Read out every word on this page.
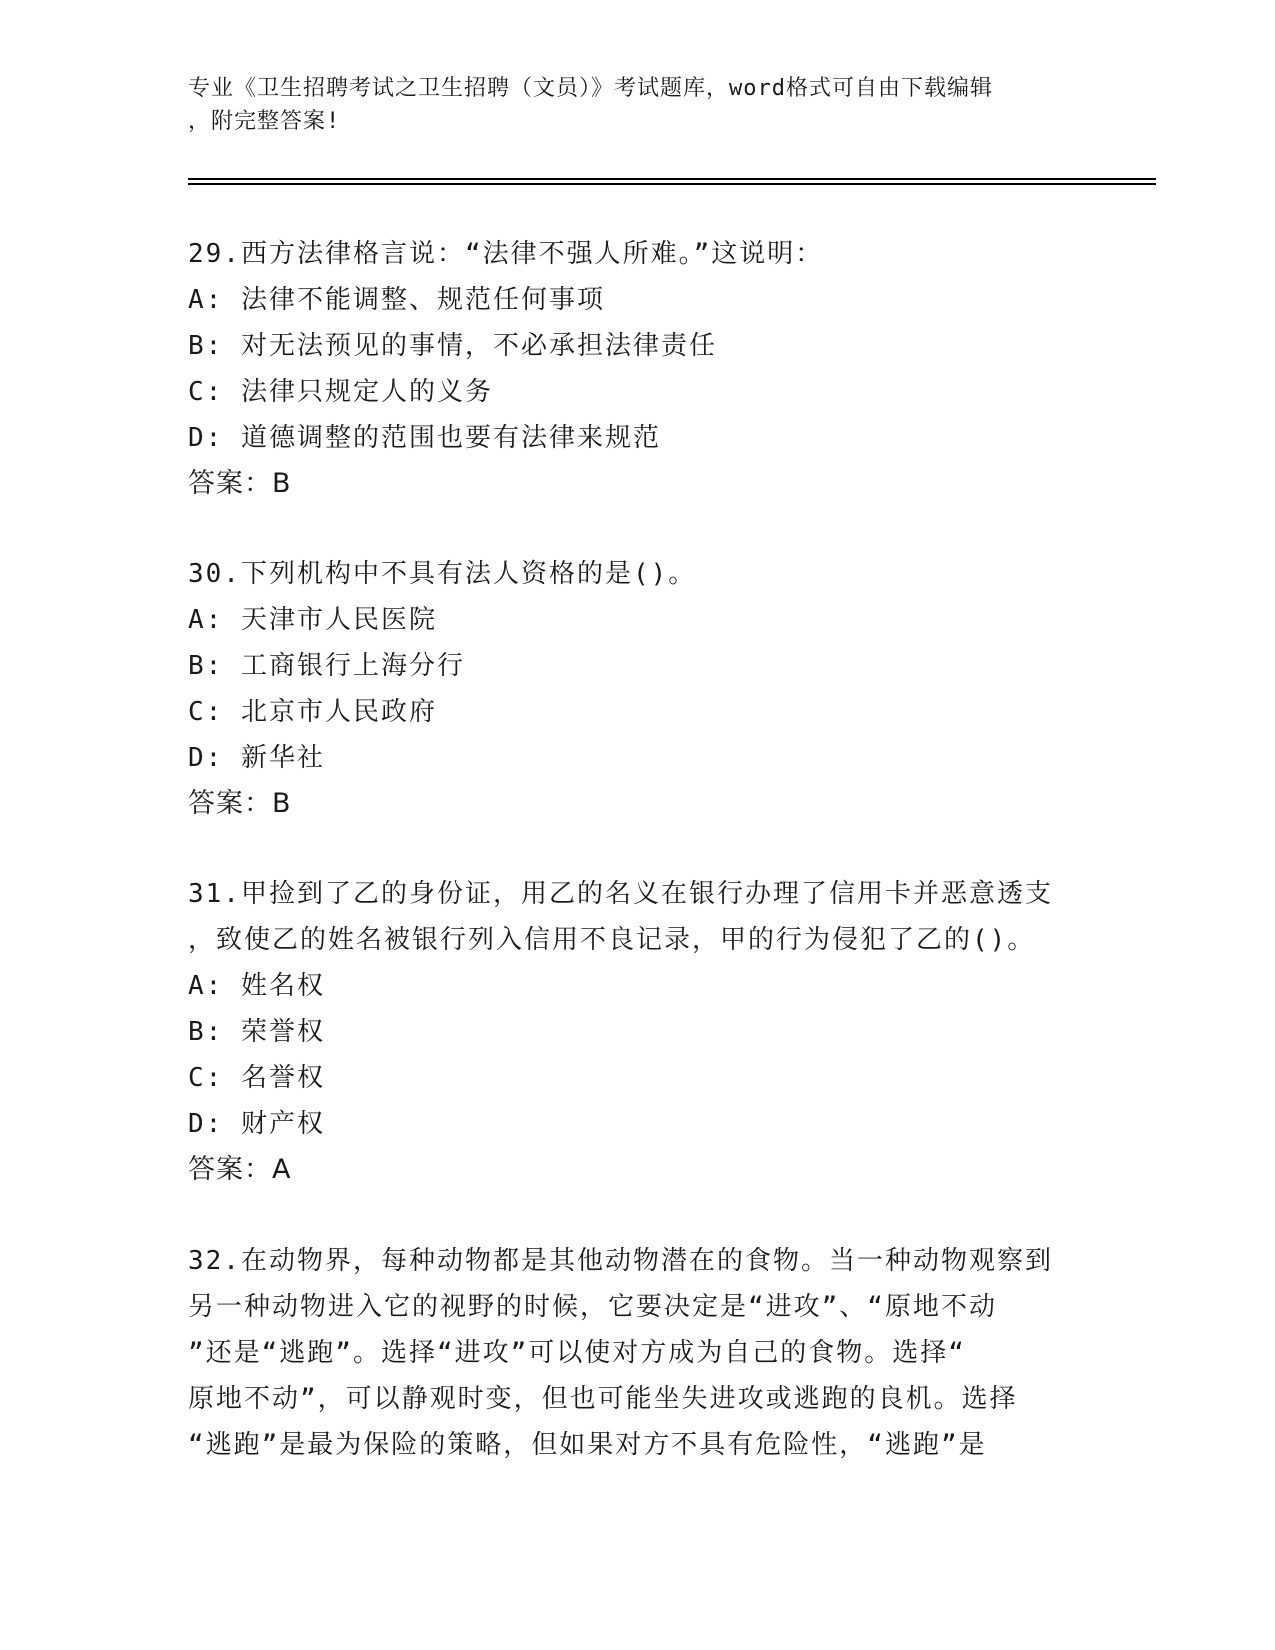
专业《卫生招聘考试之卫生招聘（文员）》考试题库，word格式可自由下载编辑
，附完整答案!
29.西方法律格言说：“法律不强人所难。”这说明：
A: 法律不能调整、规范任何事项
B: 对无法预见的事情，不必承担法律责任
C: 法律只规定人的义务
D: 道德调整的范围也要有法律来规范
答案：B
30.下列机构中不具有法人资格的是()。
A: 天津市人民医院
B: 工商银行上海分行
C: 北京市人民政府
D: 新华社
答案：B
31.甲捡到了乙的身份证，用乙的名义在银行办理了信用卡并恶意透支
，致使乙的姓名被银行列入信用不良记录，甲的行为侵犯了乙的()。
A: 姓名权
B: 荣誉权
C: 名誉权
D: 财产权
答案：A
32.在动物界，每种动物都是其他动物潜在的食物。当一种动物观察到
另一种动物进入它的视野的时候，它要决定是“进攻”、“原地不动
”还是“逃跑”。选择“进攻”可以使对方成为自己的食物。选择“
原地不动”，可以静观时变，但也可能坐失进攻或逃跑的良机。选择
“逃跑”是最为保险的策略，但如果对方不具有危险性，“逃跑”是
